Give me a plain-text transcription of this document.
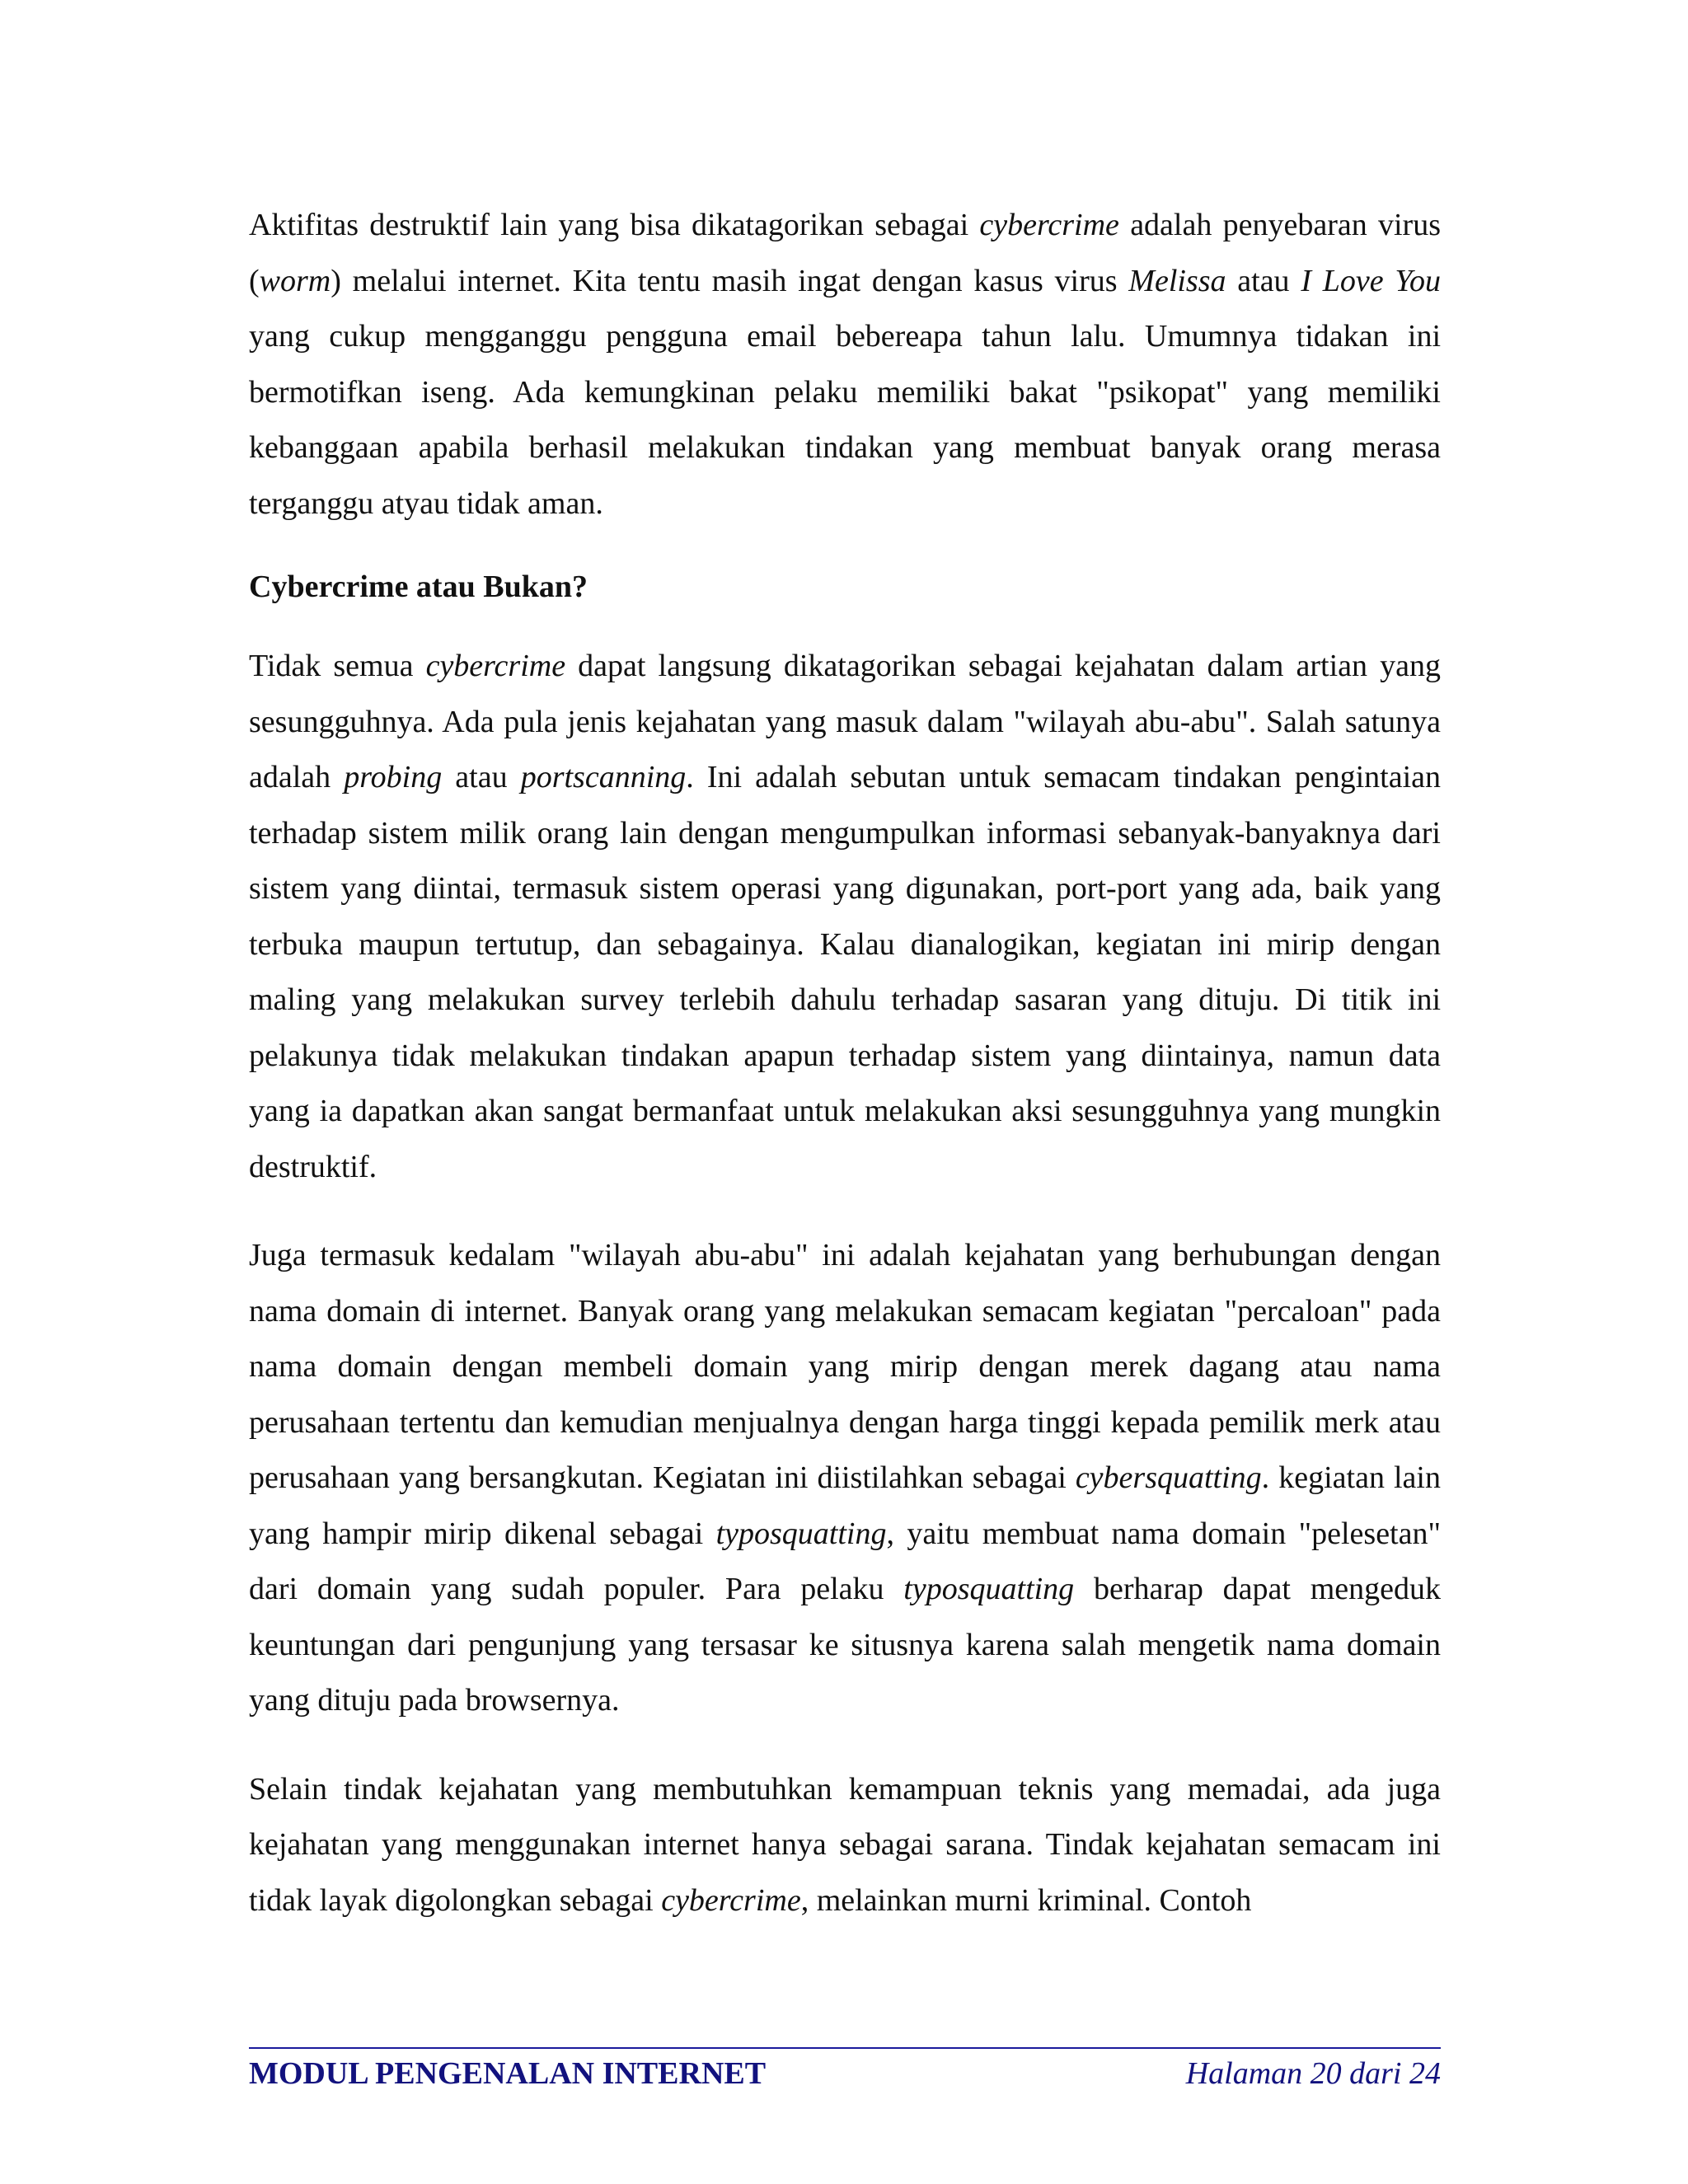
Aktifitas destruktif lain yang bisa dikatagorikan sebagai cybercrime adalah penyebaran virus (worm) melalui internet. Kita tentu masih ingat dengan kasus virus Melissa atau I Love You yang cukup mengganggu pengguna email bebereapa tahun lalu. Umumnya tidakan ini bermotifkan iseng. Ada kemungkinan pelaku memiliki bakat "psikopat" yang memiliki kebanggaan apabila berhasil melakukan tindakan yang membuat banyak orang merasa terganggu atyau tidak aman.

Cybercrime atau Bukan?

Tidak semua cybercrime dapat langsung dikatagorikan sebagai kejahatan dalam artian yang sesungguhnya. Ada pula jenis kejahatan yang masuk dalam "wilayah abu-abu". Salah satunya adalah probing atau portscanning. Ini adalah sebutan untuk semacam tindakan pengintaian terhadap sistem milik orang lain dengan mengumpulkan informasi sebanyak-banyaknya dari sistem yang diintai, termasuk sistem operasi yang digunakan, port-port yang ada, baik yang terbuka maupun tertutup, dan sebagainya. Kalau dianalogikan, kegiatan ini mirip dengan maling yang melakukan survey terlebih dahulu terhadap sasaran yang dituju. Di titik ini pelakunya tidak melakukan tindakan apapun terhadap sistem yang diintainya, namun data yang ia dapatkan akan sangat bermanfaat untuk melakukan aksi sesungguhnya yang mungkin destruktif.

Juga termasuk kedalam "wilayah abu-abu" ini adalah kejahatan yang berhubungan dengan nama domain di internet. Banyak orang yang melakukan semacam kegiatan "percaloan" pada nama domain dengan membeli domain yang mirip dengan merek dagang atau nama perusahaan tertentu dan kemudian menjualnya dengan harga tinggi kepada pemilik merk atau perusahaan yang bersangkutan. Kegiatan ini diistilahkan sebagai cybersquatting. kegiatan lain yang hampir mirip dikenal sebagai typosquatting, yaitu membuat nama domain "pelesetan" dari domain yang sudah populer. Para pelaku typosquatting berharap dapat mengeduk keuntungan dari pengunjung yang tersasar ke situsnya karena salah mengetik nama domain yang dituju pada browsernya.

Selain tindak kejahatan yang membutuhkan kemampuan teknis yang memadai, ada juga kejahatan yang menggunakan internet hanya sebagai sarana. Tindak kejahatan semacam ini tidak layak digolongkan sebagai cybercrime, melainkan murni kriminal. Contoh

MODUL PENGENALAN INTERNET	Halaman 20 dari 24
